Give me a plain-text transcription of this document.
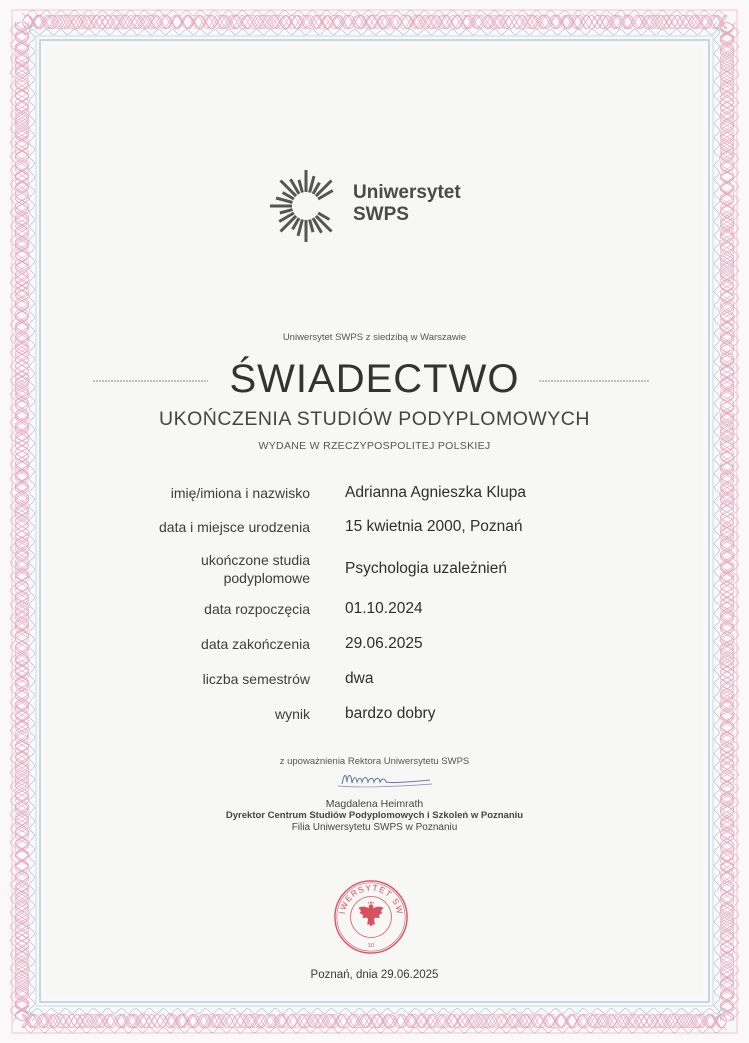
Uniwersytet
SWPS
Uniwersytet SWPS z siedzibą w Warszawie
ŚWIADECTWO
UKOŃCZENIA STUDIÓW PODYPLOMOWYCH
WYDANE W RZECZYPOSPOLITEJ POLSKIEJ
imię/imiona i nazwisko Adrianna Agnieszka Klupa
data i miejsce urodzenia 15 kwietnia 2000, Poznań
ukończone studia
podyplomowe
Psychologia uzależnień
data rozpoczęcia 01.10.2024
data zakończenia 29.06.2025
liczba semestrów dwa
wynik bardzo dobry
z upoważnienia Rektora Uniwersytetu SWPS
Magdalena Heimrath
Dyrektor Centrum Studiów Podyplomowych i Szkoleń w Poznaniu
Filia Uniwersytetu SWPS w Poznaniu
IWERSYTET SW
10
Poznań, dnia 29.06.2025
